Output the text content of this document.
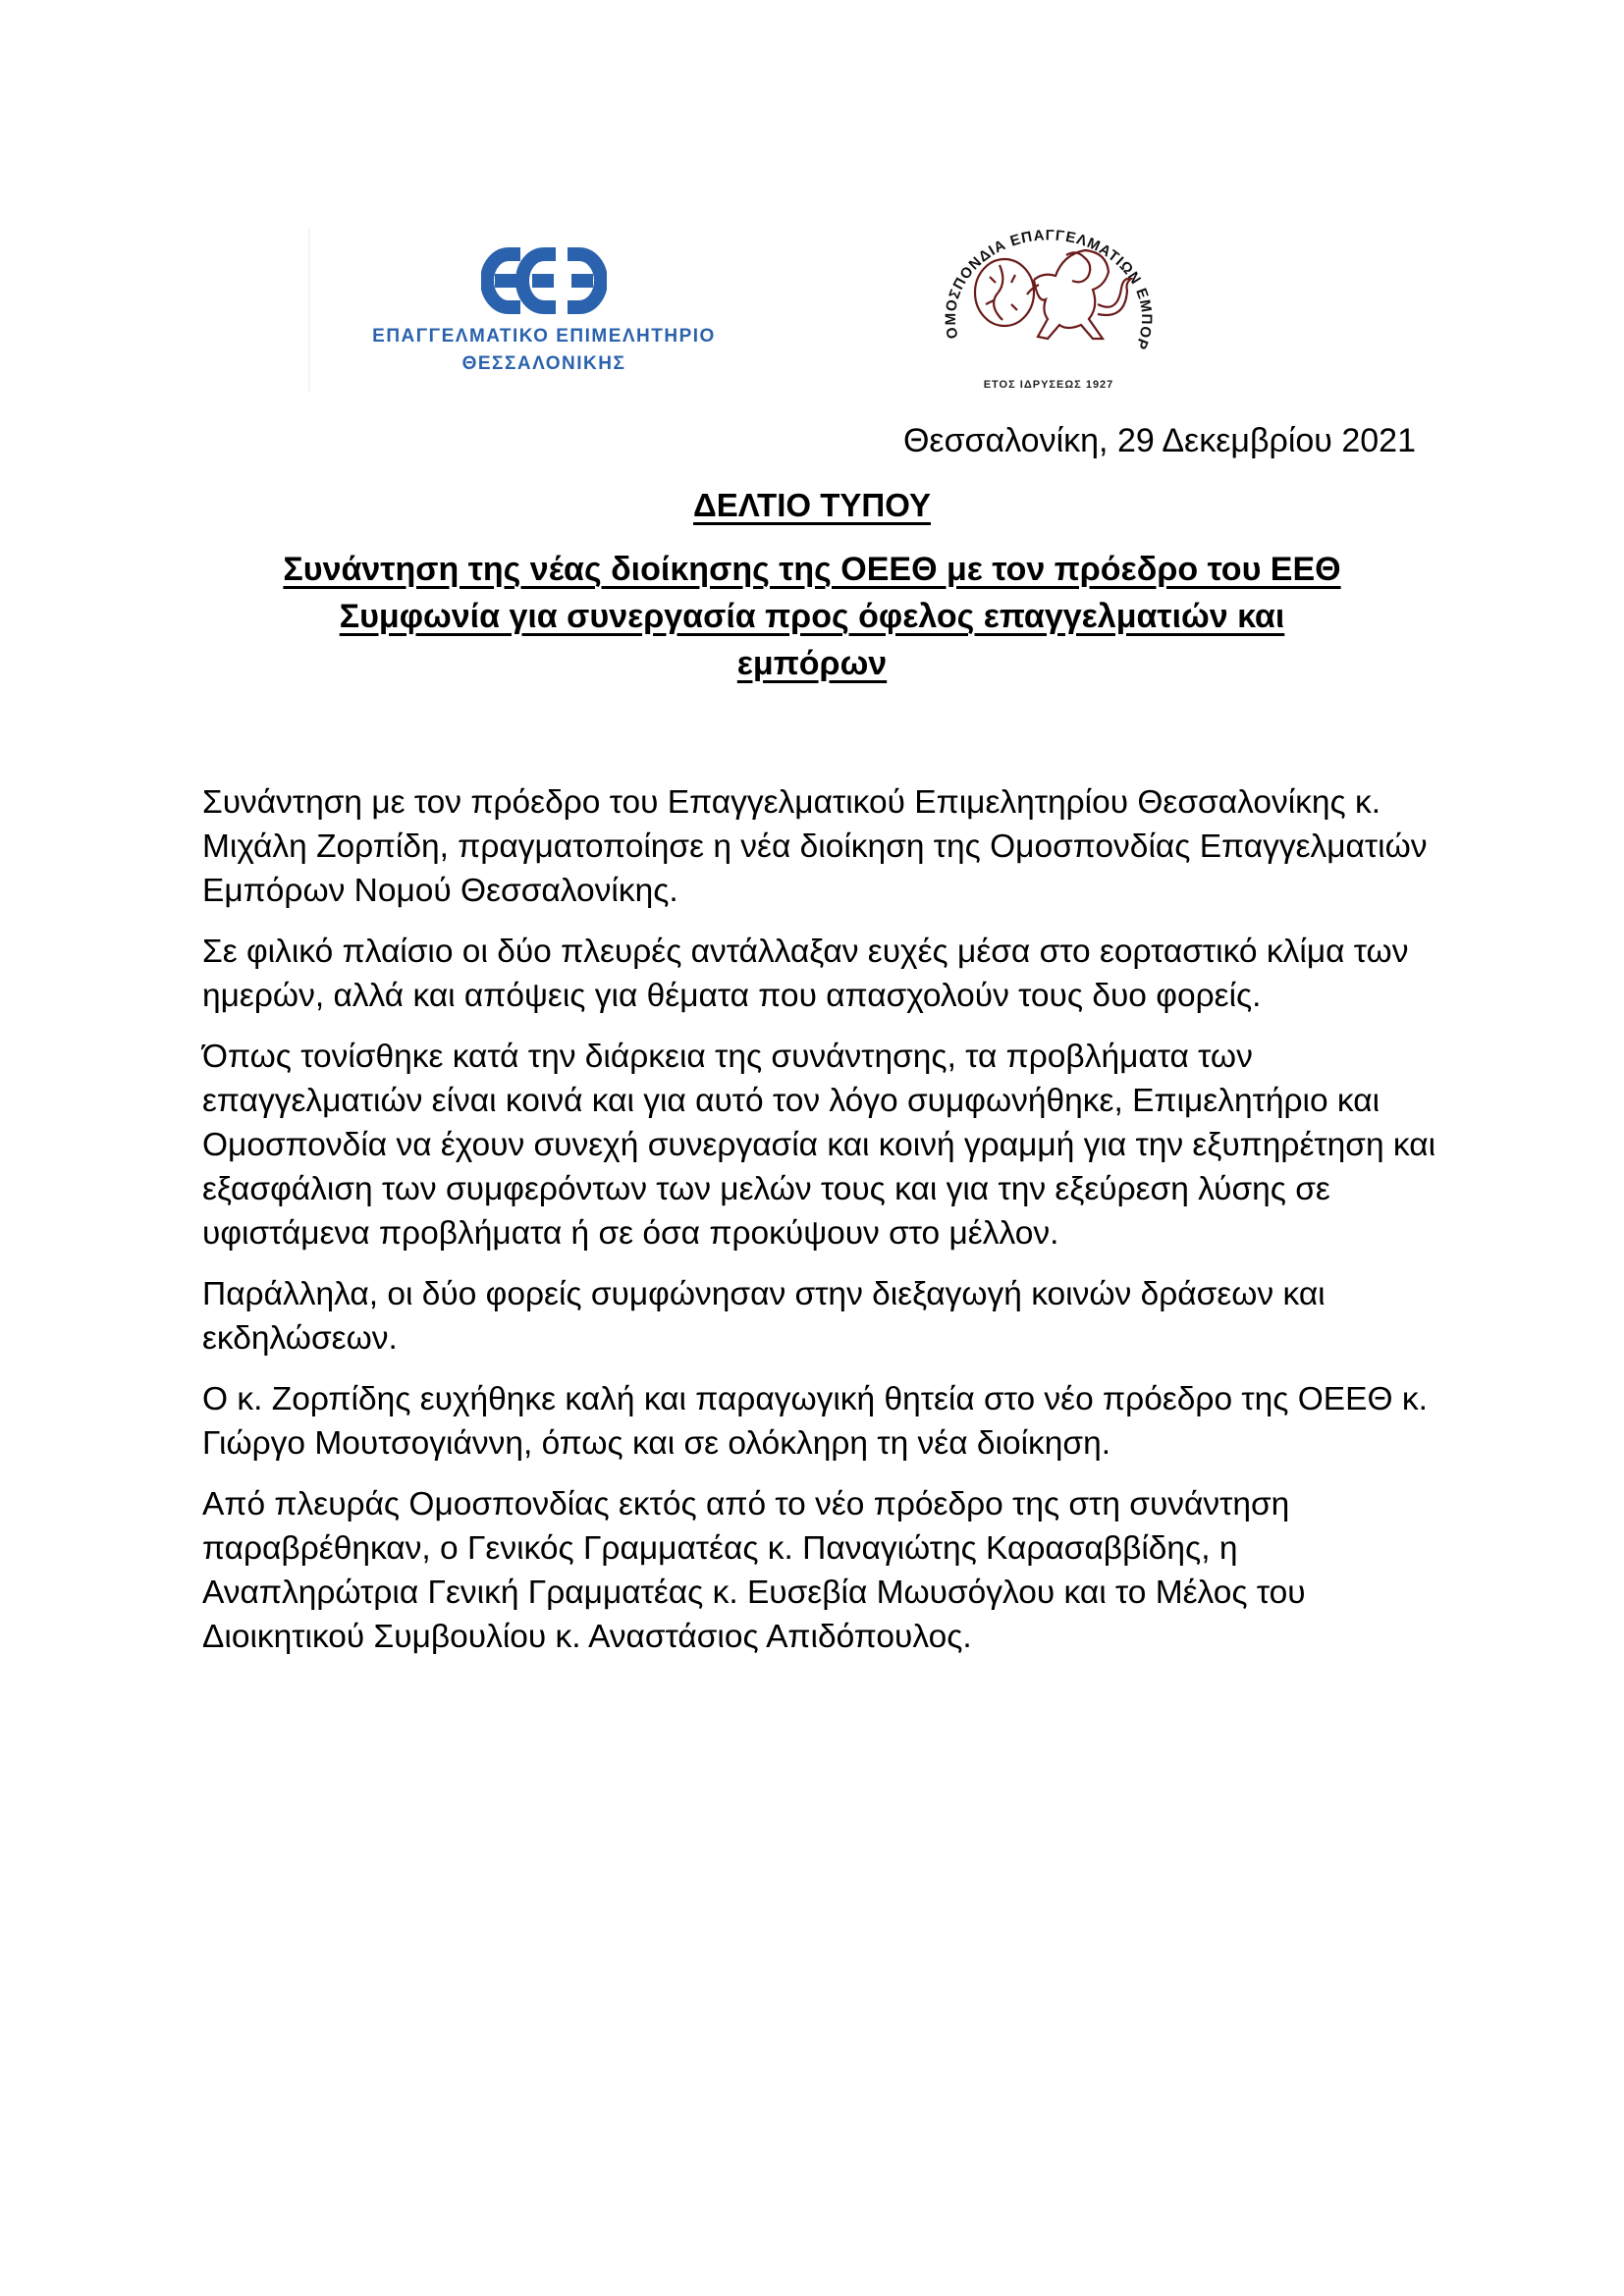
ΕΠΑΓΓΕΛΜΑΤΙΚΟ ΕΠΙΜΕΛΗΤΗΡΙΟ
ΘΕΣΣΑΛΟΝΙΚΗΣ
ΟΜΟΣΠΟΝΔΙΑ ΕΠΑΓΓΕΛΜΑΤΙΩΝ ΕΜΠΟΡ
ΕΤΟΣ ΙΔΡΥΣΕΩΣ 1927
Θεσσαλονίκη, 29 Δεκεμβρίου 2021
ΔΕΛΤΙΟ ΤΥΠΟΥ
Συνάντηση της νέας διοίκησης της ΟΕΕΘ με τον πρόεδρο του ΕΕΘ
Συμφωνία για συνεργασία προς όφελος επαγγελματιών και
εμπόρων

Συνάντηση με τον πρόεδρο του Επαγγελματικού Επιμελητηρίου Θεσσαλονίκης κ. Μιχάλη Ζορπίδη, πραγματοποίησε η νέα διοίκηση της Ομοσπονδίας Επαγγελματιών Εμπόρων Νομού Θεσσαλονίκης.

Σε φιλικό πλαίσιο οι δύο πλευρές αντάλλαξαν ευχές μέσα στο εορταστικό κλίμα των ημερών, αλλά και απόψεις για θέματα που απασχολούν τους δυο φορείς.

Όπως τονίσθηκε κατά την διάρκεια της συνάντησης, τα προβλήματα των επαγγελματιών είναι κοινά και για αυτό τον λόγο συμφωνήθηκε, Επιμελητήριο και Ομοσπονδία να έχουν συνεχή συνεργασία και κοινή γραμμή για την εξυπηρέτηση και εξασφάλιση των συμφερόντων των μελών τους και για την εξεύρεση λύσης σε υφιστάμενα προβλήματα ή σε όσα προκύψουν στο μέλλον.

Παράλληλα, οι δύο φορείς συμφώνησαν στην διεξαγωγή κοινών δράσεων και εκδηλώσεων.

Ο κ. Ζορπίδης ευχήθηκε καλή και παραγωγική θητεία στο νέο πρόεδρο της ΟΕΕΘ κ. Γιώργο Μουτσογιάννη, όπως και σε ολόκληρη τη νέα διοίκηση.

Από πλευράς Ομοσπονδίας εκτός από το νέο πρόεδρο της στη συνάντηση παραβρέθηκαν, ο Γενικός Γραμματέας κ. Παναγιώτης Καρασαββίδης, η Αναπληρώτρια Γενική Γραμματέας κ. Ευσεβία Μωυσόγλου και το Μέλος του Διοικητικού Συμβουλίου κ. Αναστάσιος Απιδόπουλος.
